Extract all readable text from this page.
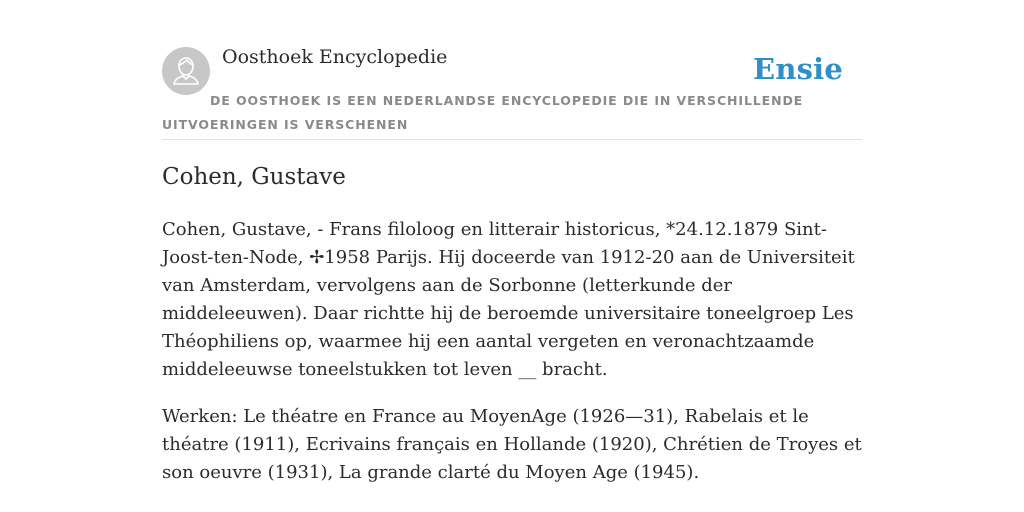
Oosthoek Encyclopedie	Ensie

DE OOSTHOEK IS EEN NEDERLANDSE ENCYCLOPEDIE DIE IN VERSCHILLENDE UITVOERINGEN IS VERSCHENEN

Cohen, Gustave

Cohen, Gustave, - Frans filoloog en litterair historicus, *24.12.1879 Sint-Joost-ten-Node, ✢1958 Parijs. Hij doceerde van 1912-20 aan de Universiteit van Amsterdam, vervolgens aan de Sorbonne (letterkunde der middeleeuwen). Daar richtte hij de beroemde universitaire toneelgroep Les Théophiliens op, waarmee hij een aantal vergeten en veronachtzaamde middeleeuwse toneelstukken tot leven __ bracht.

Werken: Le théatre en France au MoyenAge (1926—31), Rabelais et le théatre (1911), Ecrivains français en Hollande (1920), Chrétien de Troyes et son oeuvre (1931), La grande clarté du Moyen Age (1945).
